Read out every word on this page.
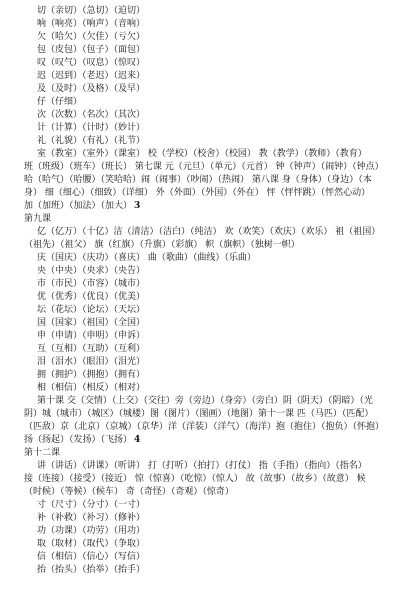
切（亲切）（急切）（迫切）
响（响亮）（响声）（音响）
欠（哈欠）（欠佳）（亏欠）
包（皮包）（包子）（面包）
叹（叹气）（叹息）（惊叹）
迟（迟到）（老迟）（迟来）
及（及时）（及格）（及早）
仔（仔细）
次（次数）（名次）（其次）
计（计算）（计时）（妙计）
礼（礼貌）（有礼）（礼节）
室（教室）（室外）（课室） 校（学校）（校舍）（校园） 教（教学）（教师）（教育）
班（班级）（班车）（班长） 第七课 元（元旦）（单元）（元首） 钟（钟声）（闹钟）（钟点）
哈（哈气）（哈腰）（笑哈哈）闹（闹事）（吵闹）（热闹） 第八课 身（身体）（身边）（本
身） 细（细心）（细致）（详细） 外（外面）（外国）（外在） 怦（怦怦跳）（怦然心动）
加（加班）（加法）（加大） 3
第九课
亿（亿万）（十亿）洁（清洁）（洁白）（纯洁） 欢（欢笑）（欢庆）（欢乐） 祖（祖国）
（祖先）（祖父） 旗（红旗）（升旗）（彩旗） 帜（旗帜）（独树一帜）
庆（国庆）（庆功）（喜庆） 曲（歌曲）（曲线）（乐曲）
央（中央）（央求）（央告）
市（市民）（市容）（城市）
优（优秀）（优良）（优美）
坛（花坛）（论坛）（天坛）
国（国家）（祖国）（全国）
申（申请）（申明）（申诉）
互（互相）（互助）（互利）
泪（泪水）（眼泪）（泪光）
拥（拥护）（拥抱）（拥有）
相（相信）（相反）（相对）
第十课 交（交情）（上交）（交往）旁（旁边）（身旁）（旁白）阴（阴天）（阴暗）（光
阴）城（城市）（城区）（城楼）图（图片）（图画）（地图）第十一课 匹（马匹）（匹配）
（匹敌）京（北京）（京城）（京华）洋（洋装）（洋气）（海洋）抱（抱住）（抱负）（怀抱）
扬（扬起）（发扬）（飞扬） 4
第十二课
讲（讲话）（讲课）（听讲） 打（打听）（拍打）（打仗） 指（手指）（指向）（指名）
接（连接）（接受）（接近） 惊（惊喜）（吃惊）（惊人） 故（故事）（故乡）（故意） 候
（时候）（等候）（候车） 奇（奇怪）（奇观）（惊奇）
寸（尺寸）（分寸）（一寸）
补（补救）（补习）（修补）
功（功课）（功劳）（用功）
取（取材）（取代）（争取）
信（相信）（信心）（写信）
抬（抬头）（抬举）（抬手）
